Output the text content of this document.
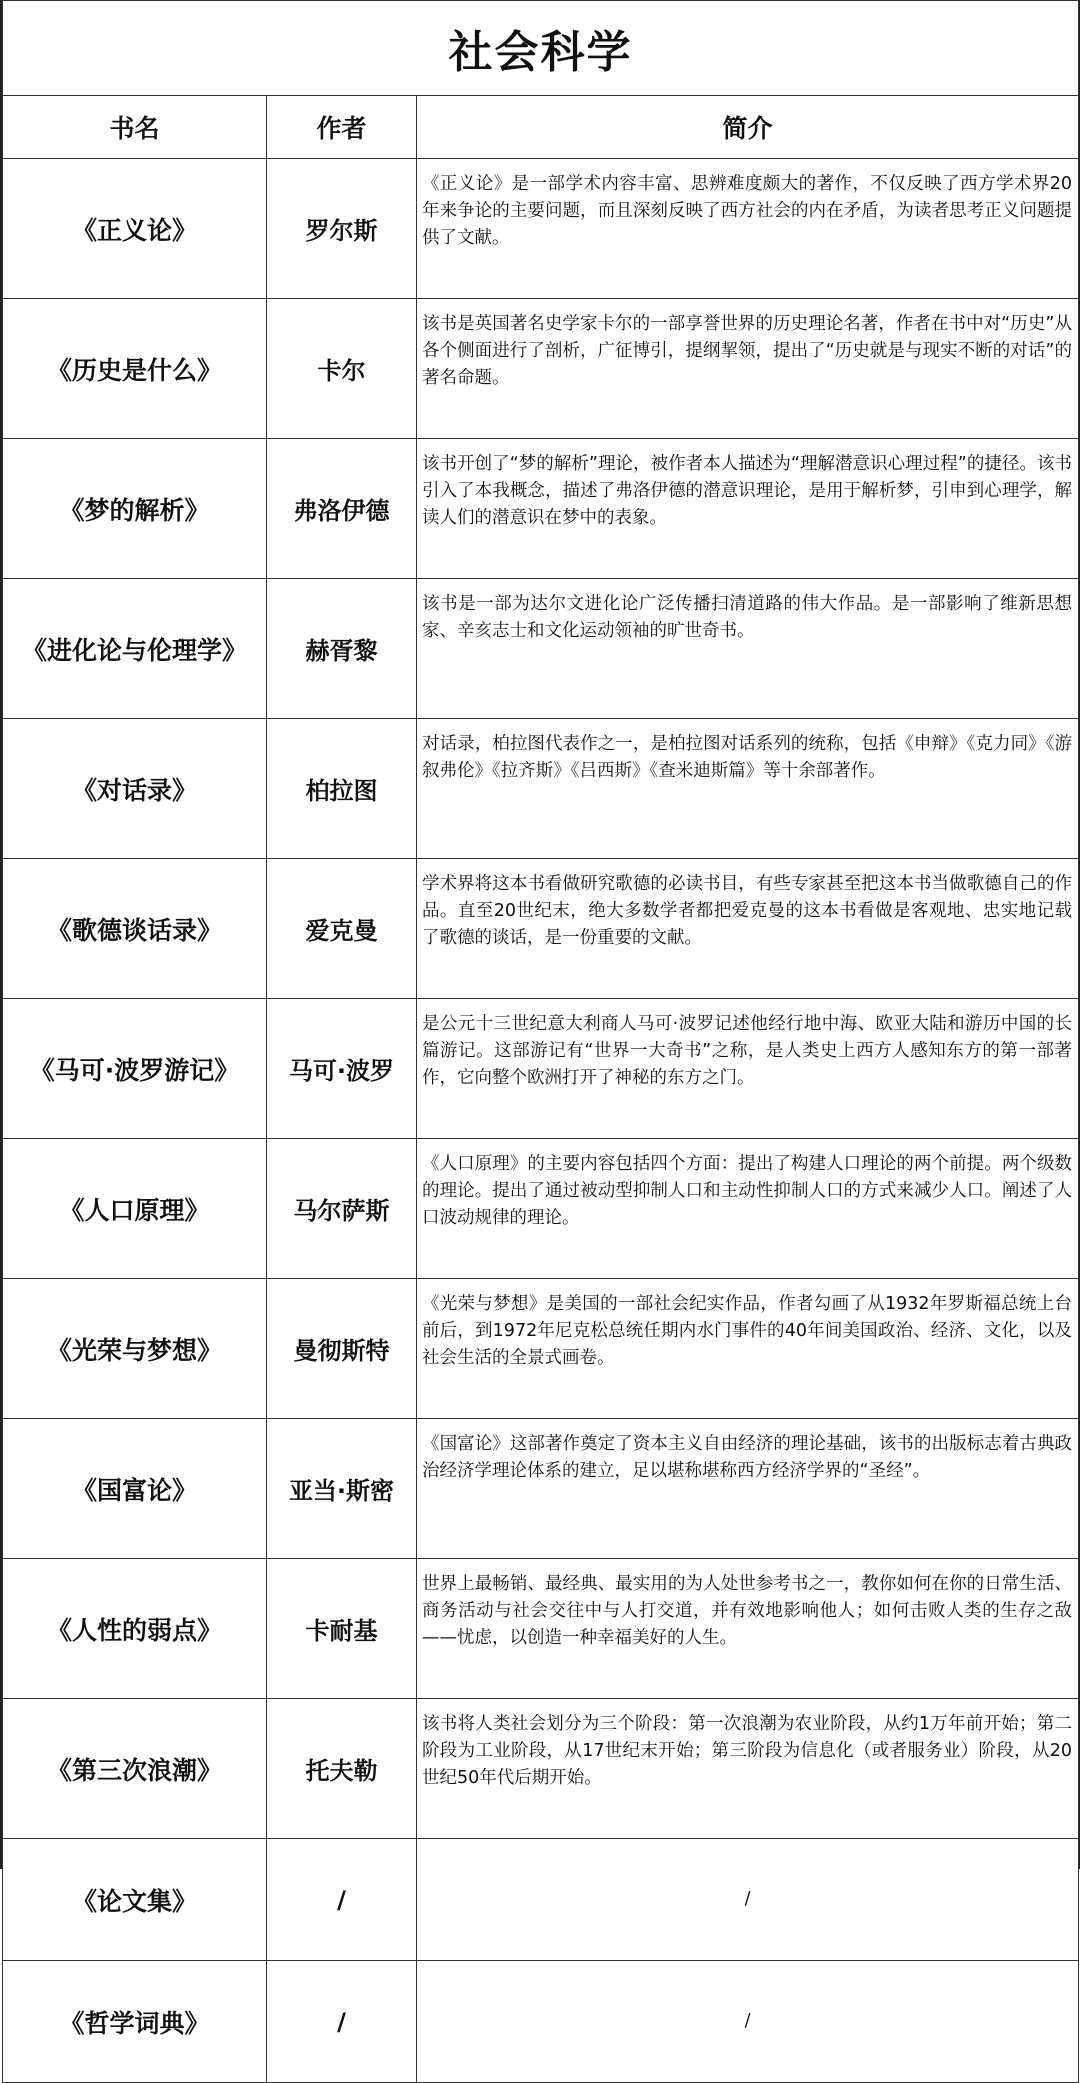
社会科学		
书名	作者	简介
《正义论》	罗尔斯	《正义论》是一部学术内容丰富、思辨难度颇大的著作，不仅反映了西方学术界20年来争论的主要问题，而且深刻反映了西方社会的内在矛盾，为读者思考正义问题提供了文献。
《历史是什么》	卡尔	该书是英国著名史学家卡尔的一部享誉世界的历史理论名著，作者在书中对“历史”从各个侧面进行了剖析，广征博引，提纲挈领，提出了“历史就是与现实不断的对话”的著名命题。
《梦的解析》	弗洛伊德	该书开创了“梦的解析”理论，被作者本人描述为“理解潜意识心理过程”的捷径。该书引入了本我概念，描述了弗洛伊德的潜意识理论，是用于解析梦，引申到心理学，解读人们的潜意识在梦中的表象。
《进化论与伦理学》	赫胥黎	该书是一部为达尔文进化论广泛传播扫清道路的伟大作品。是一部影响了维新思想家、辛亥志士和文化运动领袖的旷世奇书。
《对话录》	柏拉图	对话录，柏拉图代表作之一，是柏拉图对话系列的统称，包括《申辩》《克力同》《游叙弗伦》《拉齐斯》《吕西斯》《查米迪斯篇》等十余部著作。
《歌德谈话录》	爱克曼	学术界将这本书看做研究歌德的必读书目，有些专家甚至把这本书当做歌德自己的作品。直至20世纪末，绝大多数学者都把爱克曼的这本书看做是客观地、忠实地记载了歌德的谈话，是一份重要的文献。
《马可·波罗游记》	马可·波罗	是公元十三世纪意大利商人马可·波罗记述他经行地中海、欧亚大陆和游历中国的长篇游记。这部游记有“世界一大奇书”之称，是人类史上西方人感知东方的第一部著作，它向整个欧洲打开了神秘的东方之门。
《人口原理》	马尔萨斯	《人口原理》的主要内容包括四个方面：提出了构建人口理论的两个前提。两个级数的理论。提出了通过被动型抑制人口和主动性抑制人口的方式来减少人口。阐述了人口波动规律的理论。
《光荣与梦想》	曼彻斯特	《光荣与梦想》是美国的一部社会纪实作品，作者勾画了从1932年罗斯福总统上台前后，到1972年尼克松总统任期内水门事件的40年间美国政治、经济、文化，以及社会生活的全景式画卷。
《国富论》	亚当·斯密	《国富论》这部著作奠定了资本主义自由经济的理论基础，该书的出版标志着古典政治经济学理论体系的建立，足以堪称堪称西方经济学界的“圣经”。
《人性的弱点》	卡耐基	世界上最畅销、最经典、最实用的为人处世参考书之一，教你如何在你的日常生活、商务活动与社会交往中与人打交道，并有效地影响他人；如何击败人类的生存之敌——忧虑，以创造一种幸福美好的人生。
《第三次浪潮》	托夫勒	该书将人类社会划分为三个阶段：第一次浪潮为农业阶段，从约1万年前开始；第二阶段为工业阶段，从17世纪末开始；第三阶段为信息化（或者服务业）阶段，从20世纪50年代后期开始。
《论文集》	/	/
《哲学词典》	/	/
